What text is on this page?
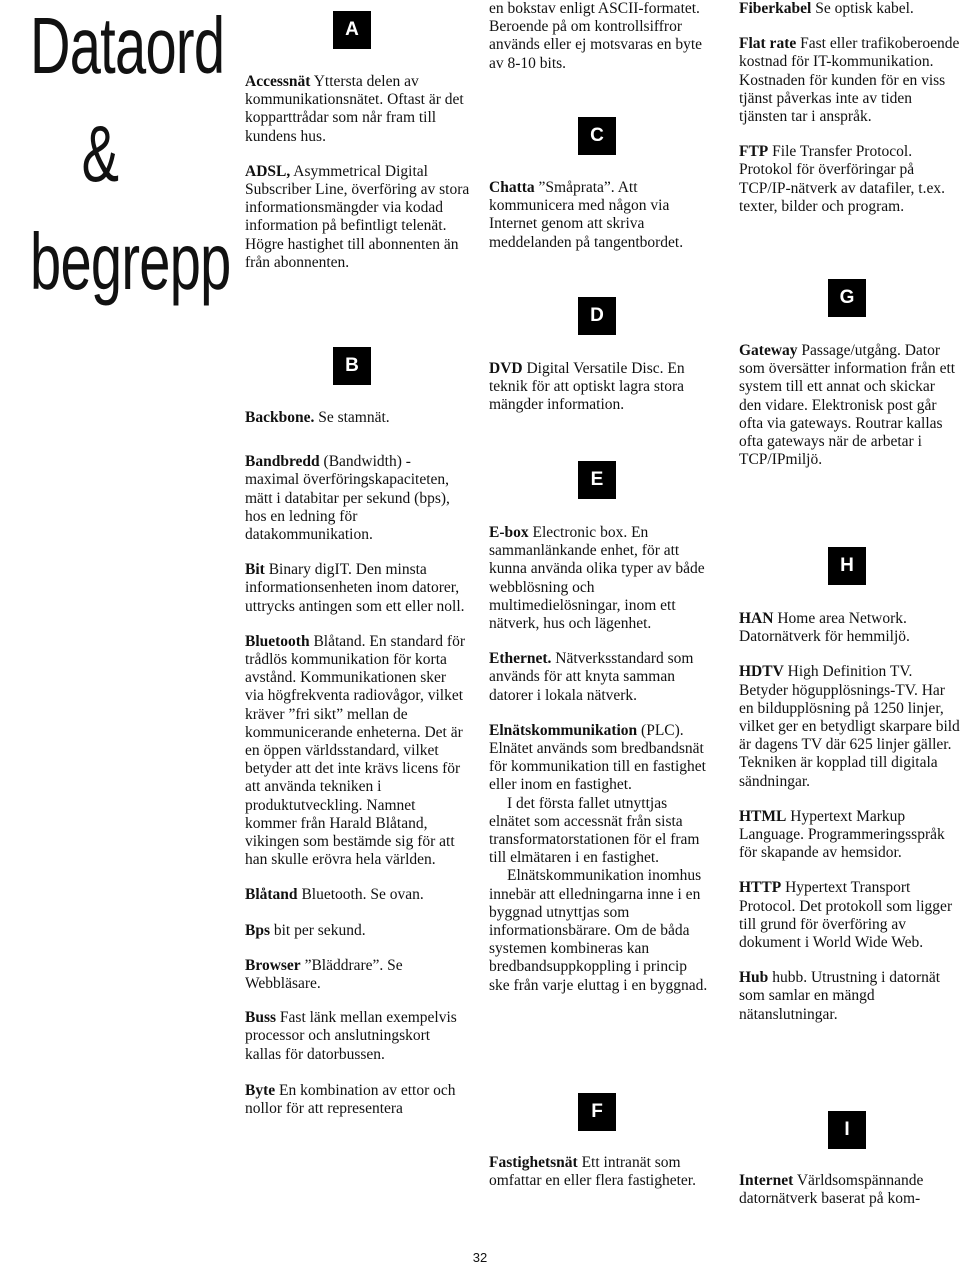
Dataord
&
begrepp
A
B
C
D
E
F
G
H
I

Accessnät Yttersta delen av kommunikationsnätet. Oftast är det kopparttrådar som når fram till kundens hus.

ADSL, Asymmetrical Digital Subscriber Line, överföring av stora informationsmängder via kodad information på befintligt telenät. Högre hastighet till abonnenten än från abonnenten.

Backbone. Se stamnät.

Bandbredd (Bandwidth) - maximal överföringskapaciteten, mätt i databitar per sekund (bps), hos en ledning för datakommunikation.

Bit Binary digIT. Den minsta informationsenheten inom datorer, uttrycks antingen som ett eller noll.

Bluetooth Blåtand. En standard för trådlös kommunikation för korta avstånd. Kommunikationen sker via högfrekventa radiovågor, vilket kräver ”fri sikt” mellan de kommunicerande enheterna. Det är en öppen världsstandard, vilket betyder att det inte krävs licens för att använda tekniken i produktutveckling. Namnet kommer från Harald Blåtand, vikingen som bestämde sig för att han skulle erövra hela världen.

Blåtand Bluetooth. Se ovan.

Bps bit per sekund.

Browser ”Bläddrare”. Se Webbläsare.

Buss Fast länk mellan exempelvis processor och anslutningskort kallas för datorbussen.

Byte En kombination av ettor och nollor för att representera

en bokstav enligt ASCII-formatet. Beroende på om kontrollsiffror används eller ej motsvaras en byte av 8-10 bits.

Chatta ”Småprata”. Att kommunicera med någon via Internet genom att skriva meddelanden på tangentbordet.

DVD Digital Versatile Disc. En teknik för att optiskt lagra stora mängder information.

E-box Electronic box. En sammanlänkande enhet, för att kunna använda olika typer av både webblösning och multimedielösningar, inom ett nätverk, hus och lägenhet.

Ethernet. Nätverksstandard som används för att knyta samman datorer i lokala nätverk.

Elnätskommunikation (PLC). Elnätet används som bredbandsnät för kommunikation till en fastighet eller inom en fastighet.

I det första fallet utnyttjas elnätet som accessnät från sista transformatorstationen för el fram till elmätaren i en fastighet.

Elnätskommunikation inomhus innebär att elledningarna inne i en byggnad utnyttjas som informationsbärare. Om de båda systemen kombineras kan bredbandsuppkoppling i princip ske från varje eluttag i en byggnad.

Fastighetsnät Ett intranät som omfattar en eller flera fastigheter.

Fiberkabel Se optisk kabel.

Flat rate Fast eller trafikoberoende kostnad för IT-kommunikation. Kostnaden för kunden för en viss tjänst påverkas inte av tiden tjänsten tar i anspråk.

FTP File Transfer Protocol. Protokol för överföringar på TCP/IP-nätverk av datafiler, t.ex. texter, bilder och program.

Gateway Passage/utgång. Dator som översätter information från ett system till ett annat och skickar den vidare. Elektronisk post går ofta via gateways. Routrar kallas ofta gateways när de arbetar i TCP/IPmiljö.

HAN Home area Network. Datornätverk för hemmiljö.

HDTV High Definition TV. Betyder högupplösnings-TV. Har en bildupplösning på 1250 linjer, vilket ger en betydligt skarpare bild är dagens TV där 625 linjer gäller. Tekniken är kopplad till digitala sändningar.

HTML Hypertext Markup Language. Programmeringsspråk för skapande av hemsidor.

HTTP Hypertext Transport Protocol. Det protokoll som ligger till grund för överföring av dokument i World Wide Web.

Hub hubb. Utrustning i datornät som samlar en mängd nätanslutningar.

Internet Världsomspännande datornätverk baserat på kom-

32
